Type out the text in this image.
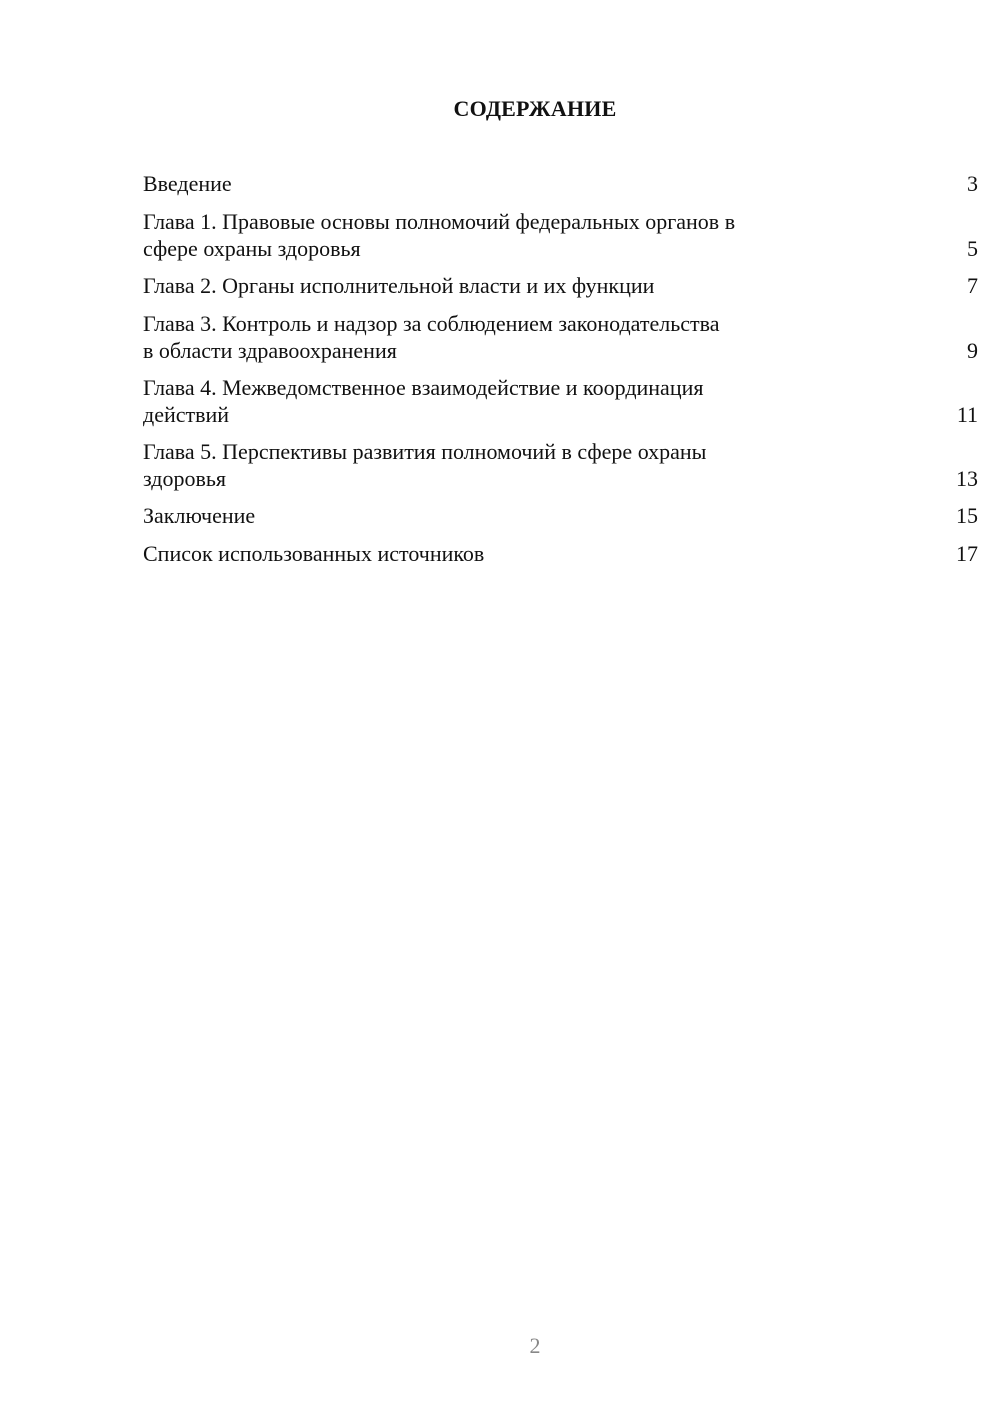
СОДЕРЖАНИЕ
Введение	3
Глава 1. Правовые основы полномочий федеральных органов в
сфере охраны здоровья	5
Глава 2. Органы исполнительной власти и их функции	7
Глава 3. Контроль и надзор за соблюдением законодательства
в области здравоохранения	9
Глава 4. Межведомственное взаимодействие и координация
действий	11
Глава 5. Перспективы развития полномочий в сфере охраны
здоровья	13
Заключение	15
Список использованных источников	17
2
